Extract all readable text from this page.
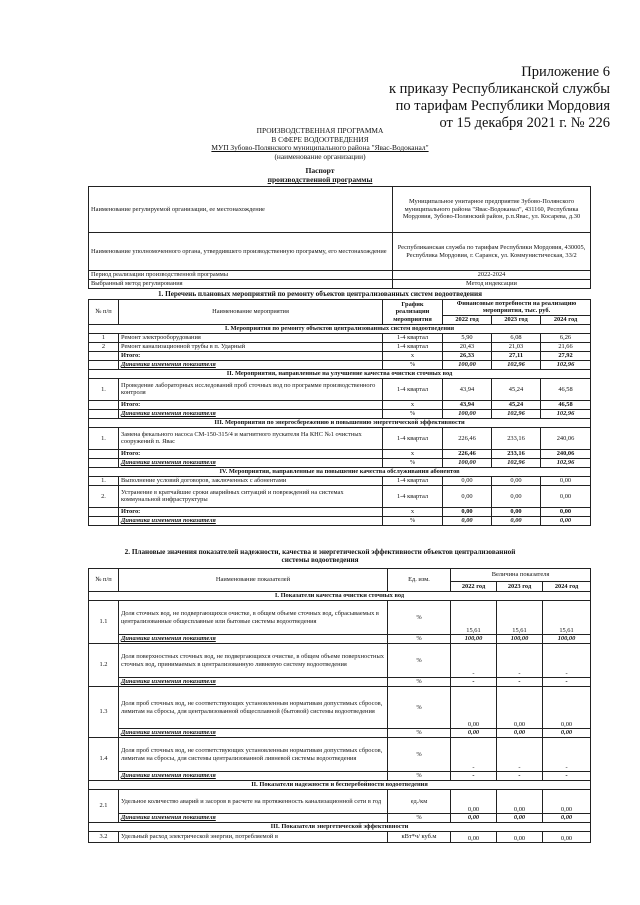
Приложение 6
к приказу Республиканской службы
по тарифам Республики Мордовия
от 15 декабря 2021 г. № 226
ПРОИЗВОДСТВЕННАЯ ПРОГРАММА
В СФЕРЕ ВОДООТВЕДЕНИЯ
МУП Зубово-Полянского муниципального района "Явас-Водоканал"
(наименование организации)
Паспорт
производственной программы
Наименование регулируемой организации, ее местонахождение	Муниципальное унитарное предприятие Зубово-Полянского муниципального района "Явас-Водоканал", 431160, Республика Мордовия, Зубово-Полянский район, р.п.Явас, ул. Косарева, д.30
Наименование уполномоченного органа, утвердившего производственную программу, его местонахождение	Республиканская служба по тарифам Республики Мордовия, 430005, Республика Мордовия, г. Саранск, ул. Коммунистическая, 33/2
Период реализации производственной программы	2022-2024
Выбранный метод регулирования	Метод индексации
1. Перечень плановых мероприятий по ремонту объектов централизованных систем водоотведения
№ п/п	Наименование мероприятия	График реализации мероприятия	Финансовые потребности на реализацию мероприятия, тыс. руб.		
			2022 год	2023 год	2024 год
I. Мероприятия по ремонту объектов централизованных систем водоотведения					
1	Ремонт электрооборудования	1-4 квартал	5,90	6,08	6,26
2	Ремонт канализационной трубы в п. Ударный	1-4 квартал	20,43	21,03	21,66
	Итого:	х	26,33	27,11	27,92
	Динамика изменения показателя	%	100,00	102,96	102,96
II. Мероприятия, направленные на улучшение качества очистки сточных вод					
1.	Проведение лабораторных исследований проб сточных вод по программе производственного контроля	1-4 квартал	43,94	45,24	46,58
	Итого:	х	43,94	45,24	46,58
	Динамика изменения показателя	%	100,00	102,96	102,96
III. Мероприятия по энергосбережению и повышению энергетической эффективности					
1.	Замена фекального насоса СМ-150-315/4 и магнитного пускателя На КНС №1 очистных сооружений п. Явас	1-4 квартал	226,46	233,16	240,06
	Итого:	х	226,46	233,16	240,06
	Динамика изменения показателя	%	100,00	102,96	102,96
IV. Мероприятия, направленные на повышение качества обслуживания абонентов					
1.	Выполнение условий договоров, заключенных с абонентами	1-4 квартал	0,00	0,00	0,00
2.	Устранение в кратчайшие сроки аварийных ситуаций и повреждений на системах коммунальной инфраструктуры	1-4 квартал	0,00	0,00	0,00
	Итого:	х	0,00	0,00	0,00
	Динамика изменения показателя	%	0,00	0,00	0,00
2. Плановые значения показателей надежности, качества и энергетической эффективности объектов централизованной
системы водоотведения
№ п/п	Наименование показателей	Ед. изм.	Величина показателя		
			2022 год	2023 год	2024 год
I. Показатели качества очистки сточных вод					
1.1	Доля сточных вод, не подвергающихся очистке, в общем объеме сточных вод, сбрасываемых в централизованные общесплавные или бытовые системы водоотведения	%	15,61	15,61	15,61
	Динамика изменения показателя	%	100,00	100,00	100,00
1.2	Доля поверхностных сточных вод, не подвергающихся очистке, в общем объеме поверхностных сточных вод, принимаемых в централизованную ливневую систему водоотведения	%	-	-	-
	Динамика изменения показателя	%	-	-	-
1.3	Доля проб сточных вод, не соответствующих установленным нормативам допустимых сбросов, лимитам на сбросы, для централизованной общесплавной (бытовой) системы водоотведения	%	0,00	0,00	0,00
	Динамика изменения показателя	%	0,00	0,00	0,00
1.4	Доля проб сточных вод, не соответствующих установленным нормативам допустимых сбросов, лимитам на сбросы, для системы централизованной ливневой системы водоотведения	%	-	-	-
	Динамика изменения показателя	%	-	-	-
II. Показатели надежности и бесперебойности водоотведения					
2.1	Удельное количество аварий и засоров в расчете на протяженность канализационной сети в год	ед./км	0,00	0,00	0,00
	Динамика изменения показателя	%	0,00	0,00	0,00
III. Показатели энергетической эффективности					
3.2	Удельный расход электрической энергии, потребляемой в	кВт*ч/ куб.м	0,00	0,00	0,00
